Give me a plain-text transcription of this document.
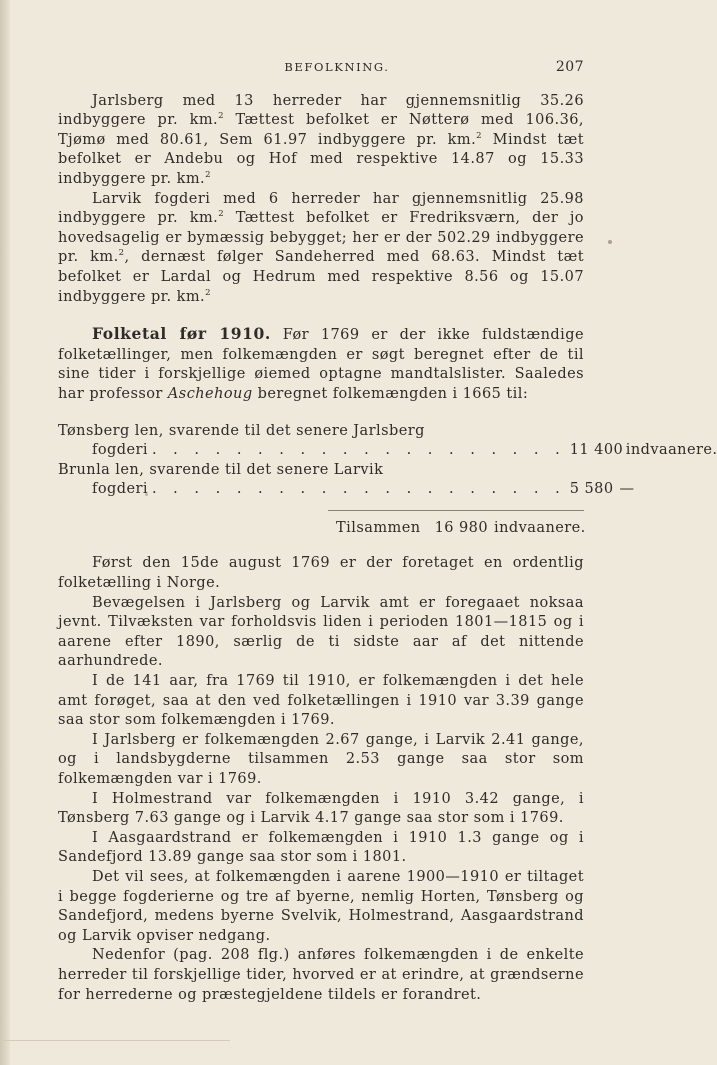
BEFOLKNING.	207

Jarlsberg med 13 herreder har gjennemsnitlig 35.26 indbyggere pr. km.$^2$ Tættest befolket er Nøtterø med 106.36, Tjømø med 80.61, Sem 61.97 indbyggere pr. km.$^2$ Mindst tæt befolket er Andebu og Hof med respektive 14.87 og 15.33 indbyggere pr. km.$^2$

Larvik fogderi med 6 herreder har gjennemsnitlig 25.98 indbyggere pr. km.$^2$ Tættest befolket er Fredriksværn, der jo hovedsagelig er bymæssig bebygget; her er der 502.29 indbyggere pr. km.$^2$, dernæst følger Sandeherred med 68.63. Mindst tæt befolket er Lardal og Hedrum med respektive 8.56 og 15.07 indbyggere pr. km.$^2$

Folketal før 1910. Før 1769 er der ikke fuldstændige folketællinger, men folkemængden er søgt beregnet efter de til sine tider i forskjellige øiemed optagne mandtalslister. Saaledes har professor Aschehoug beregnet folkemængden i 1665 til:

Tønsberg len, svarende til det senere Jarlsberg
fogderi . . . . . . . . . . . . . . . . . . . . 11 400 indvaanere.
Brunla len, svarende til det senere Larvik
fogderi . . . . . . . . . . . . . . . . . . . . 5 580 —
Tilsammen 16 980 indvaanere.

Først den 15de august 1769 er der foretaget en ordentlig folketælling i Norge.

Bevægelsen i Jarlsberg og Larvik amt er foregaaet noksaa jevnt. Tilvæksten var forholdsvis liden i perioden 1801—1815 og i aarene efter 1890, særlig de ti sidste aar af det nittende aarhundrede.

I de 141 aar, fra 1769 til 1910, er folkemængden i det hele amt forøget, saa at den ved folketællingen i 1910 var 3.39 gange saa stor som folkemængden i 1769.

I Jarlsberg er folkemængden 2.67 gange, i Larvik 2.41 gange, og i landsbygderne tilsammen 2.53 gange saa stor som folkemængden var i 1769.

I Holmestrand var folkemængden i 1910 3.42 gange, i Tønsberg 7.63 gange og i Larvik 4.17 gange saa stor som i 1769.

I Aasgaardstrand er folkemængden i 1910 1.3 gange og i Sandefjord 13.89 gange saa stor som i 1801.

Det vil sees, at folkemængden i aarene 1900—1910 er tiltaget i begge fogderierne og tre af byerne, nemlig Horten, Tønsberg og Sandefjord, medens byerne Svelvik, Holmestrand, Aasgaardstrand og Larvik opviser nedgang.

Nedenfor (pag. 208 flg.) anføres folkemængden i de enkelte herreder til forskjellige tider, hvorved er at erindre, at grændserne for herrederne og præstegjeldene tildels er forandret.
